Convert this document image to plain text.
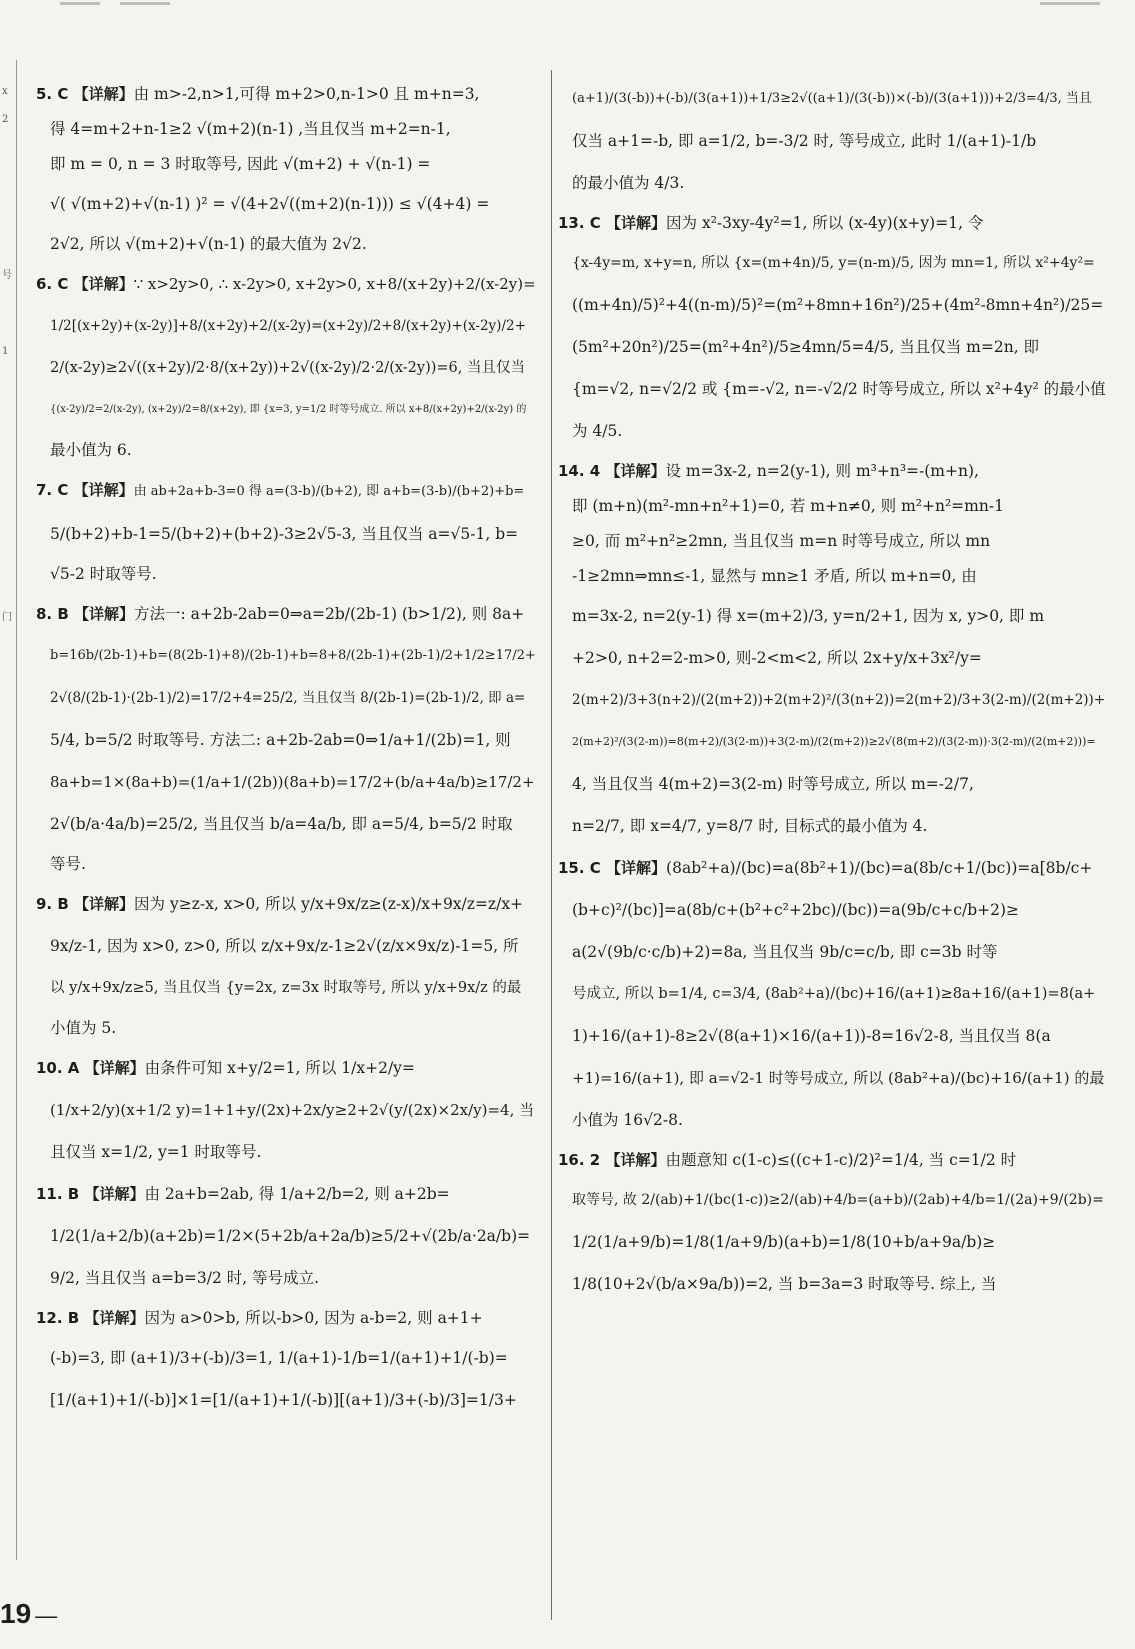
x
2
号
1
门
5. C 【详解】由 m>-2,n>1,可得 m+2>0,n-1>0 且 m+n=3,
得 4=m+2+n-1≥2 √(m+2)(n-1) ,当且仅当 m+2=n-1,
即 m = 0, n = 3 时取等号, 因此 √(m+2) + √(n-1) =
√( √(m+2)+√(n-1) )² = √(4+2√((m+2)(n-1))) ≤ √(4+4) =
2√2, 所以 √(m+2)+√(n-1) 的最大值为 2√2.
6. C 【详解】∵ x>2y>0, ∴ x-2y>0, x+2y>0, x+8/(x+2y)+2/(x-2y)=
1/2[(x+2y)+(x-2y)]+8/(x+2y)+2/(x-2y)=(x+2y)/2+8/(x+2y)+(x-2y)/2+
2/(x-2y)≥2√((x+2y)/2·8/(x+2y))+2√((x-2y)/2·2/(x-2y))=6, 当且仅当
{(x-2y)/2=2/(x-2y), (x+2y)/2=8/(x+2y), 即 {x=3, y=1/2 时等号成立. 所以 x+8/(x+2y)+2/(x-2y) 的
最小值为 6.
7. C 【详解】由 ab+2a+b-3=0 得 a=(3-b)/(b+2), 即 a+b=(3-b)/(b+2)+b=
5/(b+2)+b-1=5/(b+2)+(b+2)-3≥2√5-3, 当且仅当 a=√5-1, b=
√5-2 时取等号.
8. B 【详解】方法一: a+2b-2ab=0⇒a=2b/(2b-1) (b>1/2), 则 8a+
b=16b/(2b-1)+b=(8(2b-1)+8)/(2b-1)+b=8+8/(2b-1)+(2b-1)/2+1/2≥17/2+
2√(8/(2b-1)·(2b-1)/2)=17/2+4=25/2, 当且仅当 8/(2b-1)=(2b-1)/2, 即 a=
5/4, b=5/2 时取等号. 方法二: a+2b-2ab=0⇒1/a+1/(2b)=1, 则
8a+b=1×(8a+b)=(1/a+1/(2b))(8a+b)=17/2+(b/a+4a/b)≥17/2+
2√(b/a·4a/b)=25/2, 当且仅当 b/a=4a/b, 即 a=5/4, b=5/2 时取
等号.
9. B 【详解】因为 y≥z-x, x>0, 所以 y/x+9x/z≥(z-x)/x+9x/z=z/x+
9x/z-1, 因为 x>0, z>0, 所以 z/x+9x/z-1≥2√(z/x×9x/z)-1=5, 所
以 y/x+9x/z≥5, 当且仅当 {y=2x, z=3x 时取等号, 所以 y/x+9x/z 的最
小值为 5.
10. A 【详解】由条件可知 x+y/2=1, 所以 1/x+2/y=
(1/x+2/y)(x+1/2 y)=1+1+y/(2x)+2x/y≥2+2√(y/(2x)×2x/y)=4, 当
且仅当 x=1/2, y=1 时取等号.
11. B 【详解】由 2a+b=2ab, 得 1/a+2/b=2, 则 a+2b=
1/2(1/a+2/b)(a+2b)=1/2×(5+2b/a+2a/b)≥5/2+√(2b/a·2a/b)=
9/2, 当且仅当 a=b=3/2 时, 等号成立.
12. B 【详解】因为 a>0>b, 所以-b>0, 因为 a-b=2, 则 a+1+
(-b)=3, 即 (a+1)/3+(-b)/3=1, 1/(a+1)-1/b=1/(a+1)+1/(-b)=
[1/(a+1)+1/(-b)]×1=[1/(a+1)+1/(-b)][(a+1)/3+(-b)/3]=1/3+
(a+1)/(3(-b))+(-b)/(3(a+1))+1/3≥2√((a+1)/(3(-b))×(-b)/(3(a+1)))+2/3=4/3, 当且
仅当 a+1=-b, 即 a=1/2, b=-3/2 时, 等号成立, 此时 1/(a+1)-1/b
的最小值为 4/3.
13. C 【详解】因为 x²-3xy-4y²=1, 所以 (x-4y)(x+y)=1, 令
{x-4y=m, x+y=n, 所以 {x=(m+4n)/5, y=(n-m)/5, 因为 mn=1, 所以 x²+4y²=
((m+4n)/5)²+4((n-m)/5)²=(m²+8mn+16n²)/25+(4m²-8mn+4n²)/25=
(5m²+20n²)/25=(m²+4n²)/5≥4mn/5=4/5, 当且仅当 m=2n, 即
{m=√2, n=√2/2 或 {m=-√2, n=-√2/2 时等号成立, 所以 x²+4y² 的最小值
为 4/5.
14. 4 【详解】设 m=3x-2, n=2(y-1), 则 m³+n³=-(m+n),
即 (m+n)(m²-mn+n²+1)=0, 若 m+n≠0, 则 m²+n²=mn-1
≥0, 而 m²+n²≥2mn, 当且仅当 m=n 时等号成立, 所以 mn
-1≥2mn⇒mn≤-1, 显然与 mn≥1 矛盾, 所以 m+n=0, 由
m=3x-2, n=2(y-1) 得 x=(m+2)/3, y=n/2+1, 因为 x, y>0, 即 m
+2>0, n+2=2-m>0, 则-2<m<2, 所以 2x+y/x+3x²/y=
2(m+2)/3+3(n+2)/(2(m+2))+2(m+2)²/(3(n+2))=2(m+2)/3+3(2-m)/(2(m+2))+
2(m+2)²/(3(2-m))=8(m+2)/(3(2-m))+3(2-m)/(2(m+2))≥2√(8(m+2)/(3(2-m))·3(2-m)/(2(m+2)))=
4, 当且仅当 4(m+2)=3(2-m) 时等号成立, 所以 m=-2/7,
n=2/7, 即 x=4/7, y=8/7 时, 目标式的最小值为 4.
15. C 【详解】(8ab²+a)/(bc)=a(8b²+1)/(bc)=a(8b/c+1/(bc))=a[8b/c+
(b+c)²/(bc)]=a(8b/c+(b²+c²+2bc)/(bc))=a(9b/c+c/b+2)≥
a(2√(9b/c·c/b)+2)=8a, 当且仅当 9b/c=c/b, 即 c=3b 时等
号成立, 所以 b=1/4, c=3/4, (8ab²+a)/(bc)+16/(a+1)≥8a+16/(a+1)=8(a+
1)+16/(a+1)-8≥2√(8(a+1)×16/(a+1))-8=16√2-8, 当且仅当 8(a
+1)=16/(a+1), 即 a=√2-1 时等号成立, 所以 (8ab²+a)/(bc)+16/(a+1) 的最
小值为 16√2-8.
16. 2 【详解】由题意知 c(1-c)≤((c+1-c)/2)²=1/4, 当 c=1/2 时
取等号, 故 2/(ab)+1/(bc(1-c))≥2/(ab)+4/b=(a+b)/(2ab)+4/b=1/(2a)+9/(2b)=
1/2(1/a+9/b)=1/8(1/a+9/b)(a+b)=1/8(10+b/a+9a/b)≥
1/8(10+2√(b/a×9a/b))=2, 当 b=3a=3 时取等号. 综上, 当
19 —
